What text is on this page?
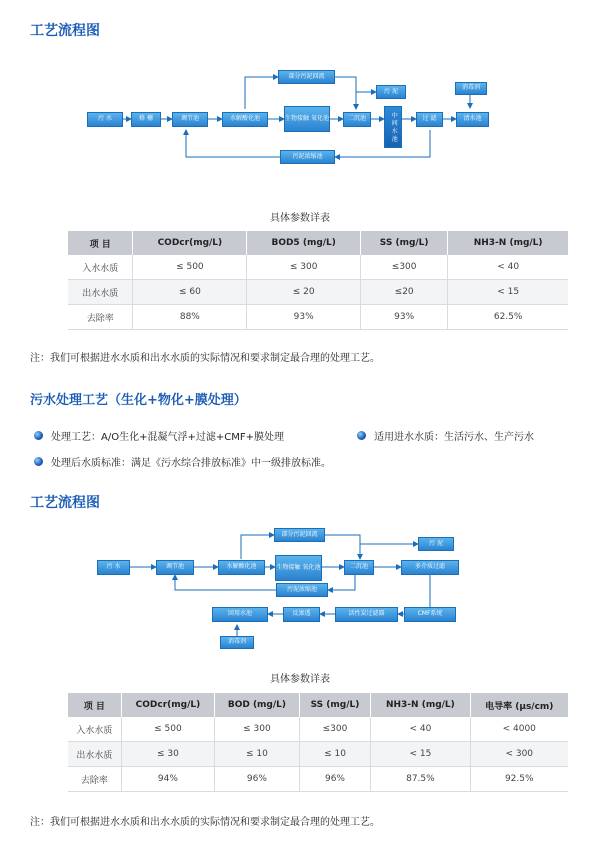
工艺流程图
污 水	格 栅	调节池	水解酸化池
部分污泥回流
生物接触 氧化池	二沉池
污 泥
中 间 水 池	过 滤
消毒剂
清水池
污泥浓缩池
具体参数详表
项 目	CODcr(mg/L)	BOD5 (mg/L)	SS (mg/L)	NH3-N (mg/L)
入水水质	≤ 500	≤ 300	≤300	< 40
出水水质	≤ 60	≤ 20	≤20	< 15
去除率	88%	93%	93%	62.5%
注：我们可根据进水水质和出水水质的实际情况和要求制定最合理的处理工艺。
污水处理工艺（生化+物化+膜处理）
处理工艺：A/O生化+混凝气浮+过滤+CMF+膜处理	适用进水水质：生活污水、生产污水
处理后水质标准：满足《污水综合排放标准》中一级排放标准。
工艺流程图
污 水	调节池	水解酸化池
部分污泥回流
生物接触 氧化池	二沉池
污 泥
多介质过滤
污泥浓缩池
回用水池	反渗透	活性炭过滤器	CMF系统
消毒剂
具体参数详表
项 目	CODcr(mg/L)	BOD (mg/L)	SS (mg/L)	NH3-N (mg/L)	电导率 (μs/cm)
入水水质	≤ 500	≤ 300	≤300	< 40	< 4000
出水水质	≤ 30	≤ 10	≤ 10	< 15	< 300
去除率	94%	96%	96%	87.5%	92.5%
注：我们可根据进水水质和出水水质的实际情况和要求制定最合理的处理工艺。
